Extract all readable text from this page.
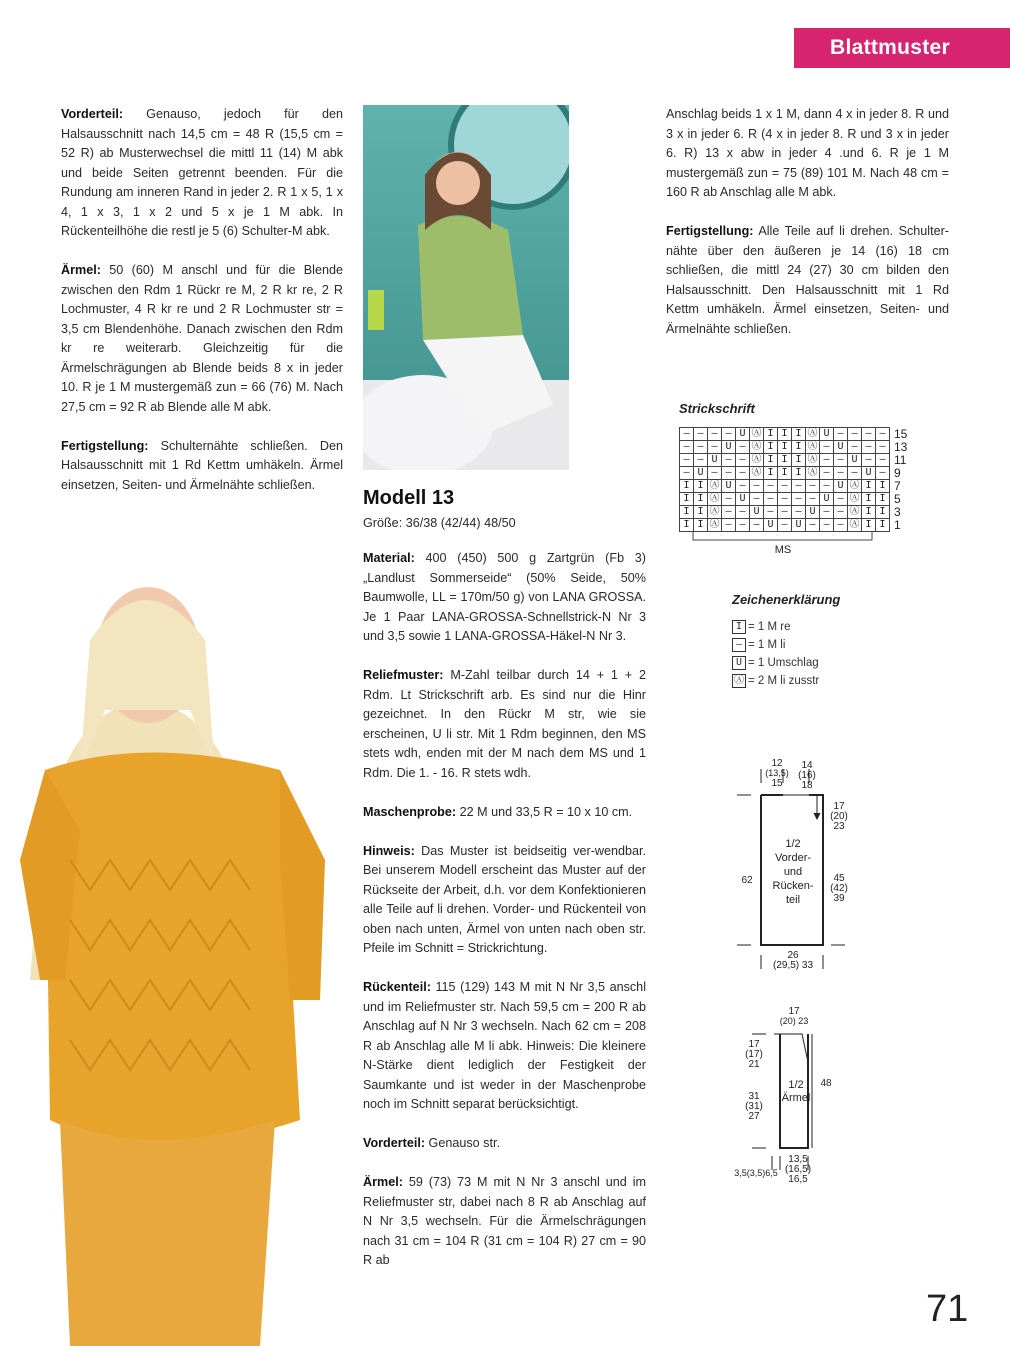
Blattmuster

Vorderteil: Genauso, jedoch für den Halsausschnitt nach 14,5 cm = 48 R (15,5 cm = 52 R) ab Musterwechsel die mittl 11 (14) M abk und beide Seiten getrennt beenden. Für die Rundung am inneren Rand in jeder 2. R 1 x 5, 1 x 4, 1 x 3, 1 x 2 und 5 x je 1 M abk. In Rückenteilhöhe die restl je 5 (6) Schulter-M abk.

Ärmel: 50 (60) M anschl und für die Blende zwischen den Rdm 1 Rückr re M, 2 R kr re, 2 R Lochmuster, 4 R kr re und 2 R Lochmuster str = 3,5 cm Blendenhöhe. Danach zwischen den Rdm kr re weiterarb. Gleichzeitig für die Ärmelschrägungen ab Blende beids 8 x in jeder 10. R je 1 M mustergemäß zun = 66 (76) M. Nach 27,5 cm = 92 R ab Blende alle M abk.

Fertigstellung: Schulternähte schließen. Den Halsausschnitt mit 1 Rd Kettm umhäkeln. Ärmel einsetzen, Seiten- und Ärmelnähte schließen.

Modell 13
Größe: 36/38 (42/44) 48/50

Material: 400 (450) 500 g Zartgrün (Fb 3) „Landlust Sommerseide“ (50% Seide, 50% Baumwolle, LL = 170m/50 g) von LANA GROSSA. Je 1 Paar LANA-GROSSA-Schnellstrick-N Nr 3 und 3,5 sowie 1 LANA-GROSSA-Häkel-N Nr 3.

Reliefmuster: M-Zahl teilbar durch 14 + 1 + 2 Rdm. Lt Strickschrift arb. Es sind nur die Hinr gezeichnet. In den Rückr M str, wie sie erscheinen, U li str. Mit 1 Rdm beginnen, den MS stets wdh, enden mit der M nach dem MS und 1 Rdm. Die 1. - 16. R stets wdh.

Maschenprobe: 22 M und 33,5 R = 10 x 10 cm.

Hinweis: Das Muster ist beidseitig ver-wendbar. Bei unserem Modell erscheint das Muster auf der Rückseite der Arbeit, d.h. vor dem Konfektionieren alle Teile auf li drehen. Vorder- und Rückenteil von oben nach unten, Ärmel von unten nach oben str. Pfeile im Schnitt = Strickrichtung.

Rückenteil: 115 (129) 143 M mit N Nr 3,5 anschl und im Reliefmuster str. Nach 59,5 cm = 200 R ab Anschlag auf N Nr 3 wechseln. Nach 62 cm = 208 R ab Anschlag alle M li abk. Hinweis: Die kleinere N-Stärke dient lediglich der Festigkeit der Saumkante und ist weder in der Maschenprobe noch im Schnitt separat berücksichtigt.

Vorderteil: Genauso str.

Ärmel: 59 (73) 73 M mit N Nr 3 anschl und im Reliefmuster str, dabei nach 8 R ab Anschlag auf N Nr 3,5 wechseln. Für die Ärmelschrägungen nach 31 cm = 104 R (31 cm = 104 R) 27 cm = 90 R ab

Anschlag beids 1 x 1 M, dann 4 x in jeder 8. R und 3 x in jeder 6. R (4 x in jeder 8. R und 3 x in jeder 6. R) 13 x abw in jeder 4 .und 6. R je 1 M mustergemäß zun = 75 (89) 101 M. Nach 48 cm = 160 R ab Anschlag alle M abk.

Fertigstellung: Alle Teile auf li drehen. Schulter-nähte über den äußeren je 14 (16) 18 cm schließen, die mittl 24 (27) 30 cm bilden den Halsausschnitt. Den Halsausschnitt mit 1 Rd Kettm umhäkeln. Ärmel einsetzen, Seiten- und Ärmelnähte schließen.

Strickschrift
—	—	—	—	U	Ⓐ	I	I	I	Ⓐ	U	—	—	—	—	15
—	—	—	U	—	Ⓐ	I	I	I	Ⓐ	—	U	—	—	—	13
—	—	U	—	—	Ⓐ	I	I	I	Ⓐ	—	—	U	—	—	11
—	U	—	—	—	Ⓐ	I	I	I	Ⓐ	—	—	—	U	—	9
I	I	Ⓐ	U	—	—	—	—	—	—	—	U	Ⓐ	I	I	7
I	I	Ⓐ	—	U	—	—	—	—	—	U	—	Ⓐ	I	I	5
I	I	Ⓐ	—	—	U	—	—	—	U	—	—	Ⓐ	I	I	3
I	I	Ⓐ	—	—	—	U	—	U	—	—	—	Ⓐ	I	I	1
MS
Zeichenerklärung
I = 1 M re
— = 1 M li
U = 1 Umschlag
Ⓐ = 2 M li zusstr
12
(13,5)
15
14
(16)
18
17
(20)
23
1/2
Vorder-
und
Rücken-
teil
62	45
(42)
39
26
(29,5) 33
17
(20) 23
17
(17)
21
31
(31)
27
1/2
Ärmel
48
3,5(3,5)6,5
13,5
(16,5)
16,5
71
